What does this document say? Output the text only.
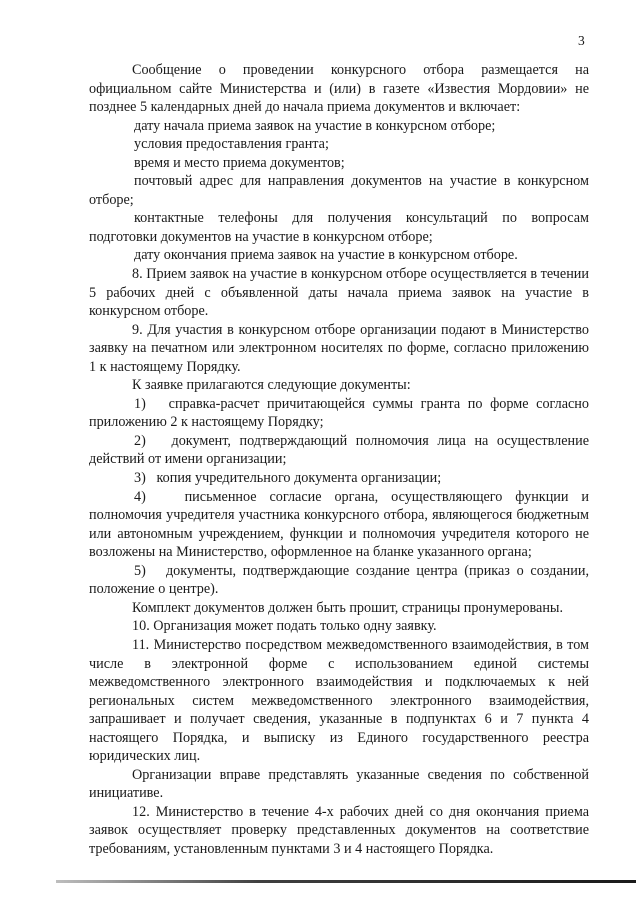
3

Сообщение о проведении конкурсного отбора размещается на официальном сайте Министерства и (или) в газете «Известия Мордовии» не позднее 5 календарных дней до начала приема документов и включает:

дату начала приема заявок на участие в конкурсном отборе;

условия предоставления гранта;

время и место приема документов;

почтовый адрес для направления документов на участие в конкурсном отборе;

контактные телефоны для получения консультаций по вопросам подготовки документов на участие в конкурсном отборе;

дату окончания приема заявок на участие в конкурсном отборе.

8. Прием заявок на участие в конкурсном отборе осуществляется в течении 5 рабочих дней с объявленной даты начала приема заявок на участие в конкурсном отборе.

9. Для участия в конкурсном отборе организации подают в Министерство заявку на печатном или электронном носителях по форме, согласно приложению 1 к настоящему Порядку.

К заявке прилагаются следующие документы:

1)   справка-расчет причитающейся суммы гранта по форме согласно приложению 2 к настоящему Порядку;

2)   документ, подтверждающий полномочия лица на осуществление действий от имени организации;

3)   копия учредительного документа организации;

4)   письменное согласие органа, осуществляющего функции и полномочия учредителя участника конкурсного отбора, являющегося бюджетным или автономным учреждением, функции и полномочия учредителя которого не возложены на Министерство, оформленное на бланке указанного органа;

5)   документы, подтверждающие создание центра (приказ о создании, положение о центре).

Комплект документов должен быть прошит, страницы пронумерованы.

10. Организация может подать только одну заявку.

11. Министерство посредством межведомственного взаимодействия, в том числе в электронной форме с использованием единой системы межведомственного электронного взаимодействия и подключаемых к ней региональных систем межведомственного электронного взаимодействия, запрашивает и получает сведения, указанные в подпунктах 6 и 7 пункта 4 настоящего Порядка, и выписку из Единого государственного реестра юридических лиц.

Организации вправе представлять указанные сведения по собственной инициативе.

12. Министерство в течение 4-х рабочих дней со дня окончания приема заявок осуществляет проверку представленных документов на соответствие требованиям, установленным пунктами 3 и 4 настоящего Порядка.
